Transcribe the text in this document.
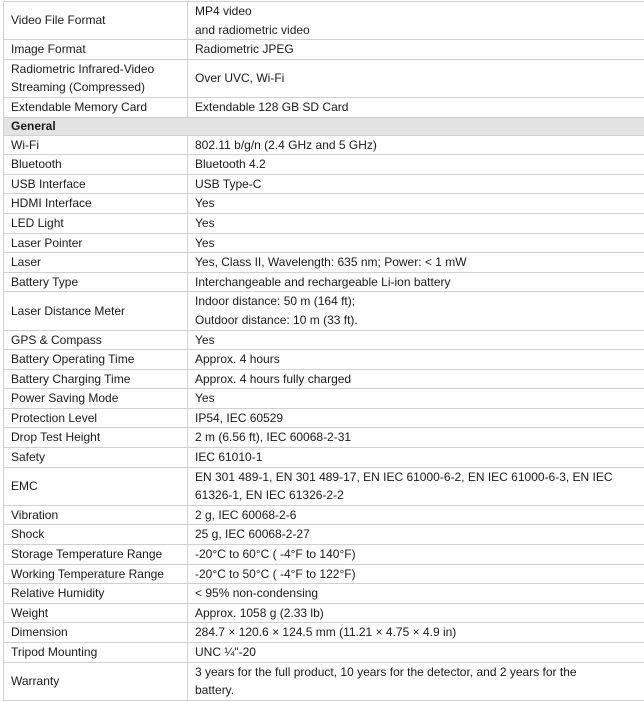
Video File Format	MP4 video
and radiometric video

Image Format	Radiometric JPEG

Radiometric Infrared-Video Streaming (Compressed)	Over UVC, Wi-Fi

Extendable Memory Card	Extendable 128 GB SD Card

General	
Wi-Fi	802.11 b/g/n (2.4 GHz and 5 GHz)

Bluetooth	Bluetooth 4.2

USB Interface	USB Type-C

HDMI Interface	Yes

LED Light	Yes

Laser Pointer	Yes

Laser	Yes, Class II, Wavelength: 635 nm; Power: < 1 mW

Battery Type	Interchangeable and rechargeable Li-ion battery

Laser Distance Meter	Indoor distance: 50 m (164 ft);
Outdoor distance: 10 m (33 ft).

GPS & Compass	Yes

Battery Operating Time	Approx. 4 hours

Battery Charging Time	Approx. 4 hours fully charged

Power Saving Mode	Yes

Protection Level	IP54, IEC 60529

Drop Test Height	2 m (6.56 ft), IEC 60068-2-31

Safety	IEC 61010-1

EMC	EN 301 489-1, EN 301 489-17, EN IEC 61000-6-2, EN IEC 61000-6-3, EN IEC
61326-1, EN IEC 61326-2-2

Vibration	2 g, IEC 60068-2-6

Shock	25 g, IEC 60068-2-27

Storage Temperature Range	-20°C to 60°C ( -4°F to 140°F)

Working Temperature Range	-20°C to 50°C ( -4°F to 122°F)

Relative Humidity	< 95% non-condensing

Weight	Approx. 1058 g (2.33 lb)

Dimension	284.7 × 120.6 × 124.5 mm (11.21 × 4.75 × 4.9 in)

Tripod Mounting	UNC ¼"-20

Warranty	3 years for the full product, 10 years for the detector, and 2 years for the
battery.
